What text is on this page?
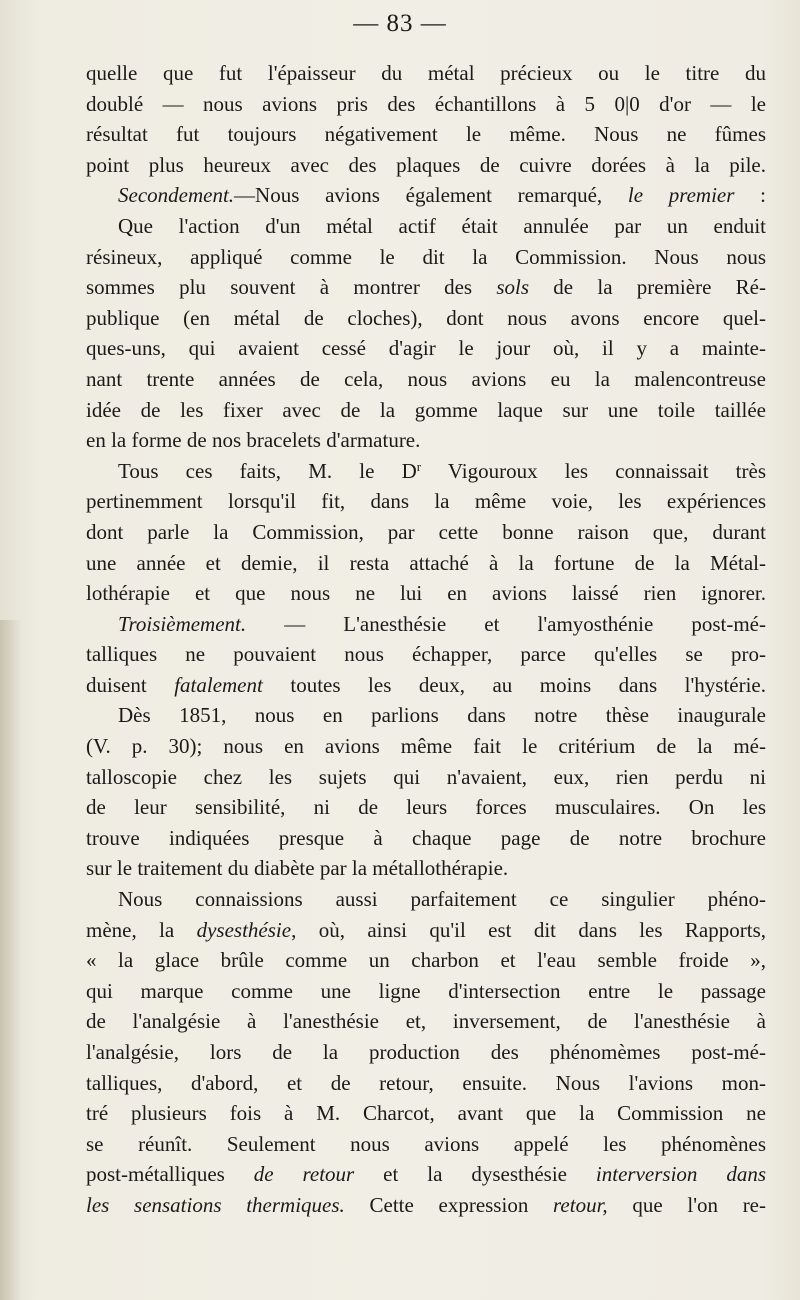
— 83 —
quelle que fut l'épaisseur du métal précieux ou le titre du
doublé — nous avions pris des échantillons à 5 0|0 d'or — le
résultat fut toujours négativement le même. Nous ne fûmes
point plus heureux avec des plaques de cuivre dorées à la pile.
Secondement.—Nous avions également remarqué, le premier :
Que l'action d'un métal actif était annulée par un enduit
résineux, appliqué comme le dit la Commission. Nous nous
sommes plu souvent à montrer des sols de la première Ré-
publique (en métal de cloches), dont nous avons encore quel-
ques-uns, qui avaient cessé d'agir le jour où, il y a mainte-
nant trente années de cela, nous avions eu la malencontreuse
idée de les fixer avec de la gomme laque sur une toile taillée
en la forme de nos bracelets d'armature.
Tous ces faits, M. le $D^r$ Vigouroux les connaissait très
pertinemment lorsqu'il fit, dans la même voie, les expériences
dont parle la Commission, par cette bonne raison que, durant
une année et demie, il resta attaché à la fortune de la Métal-
lothérapie et que nous ne lui en avions laissé rien ignorer.
Troisièmement. — L'anesthésie et l'amyosthénie post-mé-
talliques ne pouvaient nous échapper, parce qu'elles se pro-
duisent fatalement toutes les deux, au moins dans l'hystérie.
Dès 1851, nous en parlions dans notre thèse inaugurale
(V. p. 30); nous en avions même fait le critérium de la mé-
talloscopie chez les sujets qui n'avaient, eux, rien perdu ni
de leur sensibilité, ni de leurs forces musculaires. On les
trouve indiquées presque à chaque page de notre brochure
sur le traitement du diabète par la métallothérapie.
Nous connaissions aussi parfaitement ce singulier phéno-
mène, la dysesthésie, où, ainsi qu'il est dit dans les Rapports,
« la glace brûle comme un charbon et l'eau semble froide »,
qui marque comme une ligne d'intersection entre le passage
de l'analgésie à l'anesthésie et, inversement, de l'anesthésie à
l'analgésie, lors de la production des phénomèmes post-mé-
talliques, d'abord, et de retour, ensuite. Nous l'avions mon-
tré plusieurs fois à M. Charcot, avant que la Commission ne
se réunît. Seulement nous avions appelé les phénomènes
post-métalliques de retour et la dysesthésie interversion dans
les sensations thermiques. Cette expression retour, que l'on re-
